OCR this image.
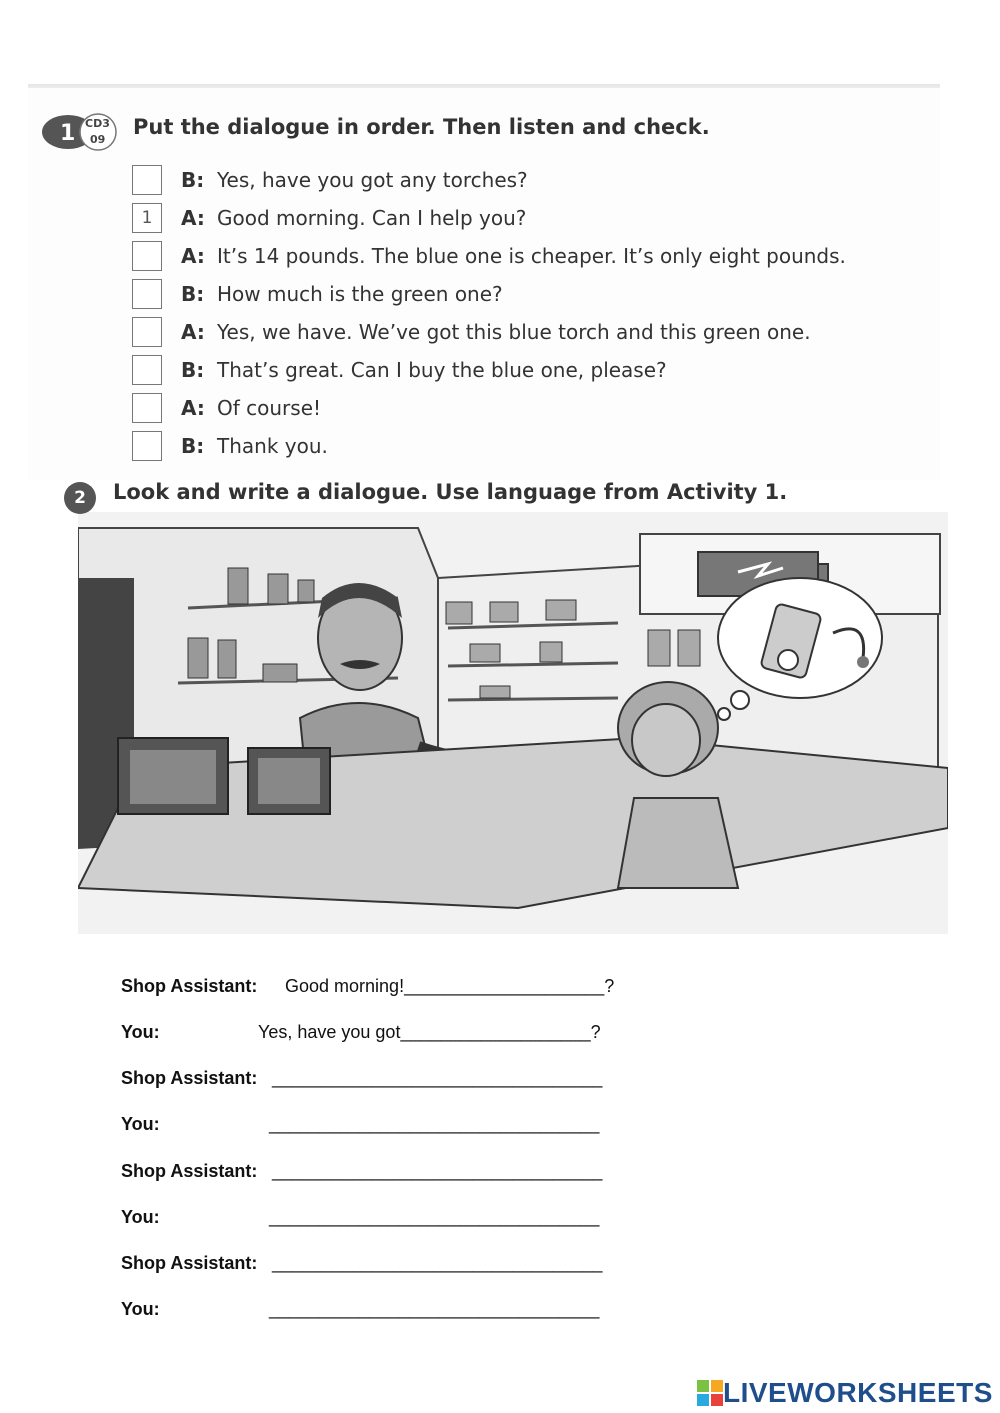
1 CD3
09
Put the dialogue in order. Then listen and check.
B: Yes, have you got any torches?
1	A: Good morning. Can I help you?
A: It’s 14 pounds. The blue one is cheaper. It’s only eight pounds.
B: How much is the green one?
A: Yes, we have. We’ve got this blue torch and this green one.
B: That’s great. Can I buy the blue one, please?
A: Of course!
B: Thank you.
2	Look and write a dialogue. Use language from Activity 1.
Shop Assistant: Good morning!____________________?
You:	Yes, have you got___________________?
Shop Assistant: _________________________________
You:	_________________________________
Shop Assistant: _________________________________
You:	_________________________________
Shop Assistant: _________________________________
You:	_________________________________
LIVEWORKSHEETS
